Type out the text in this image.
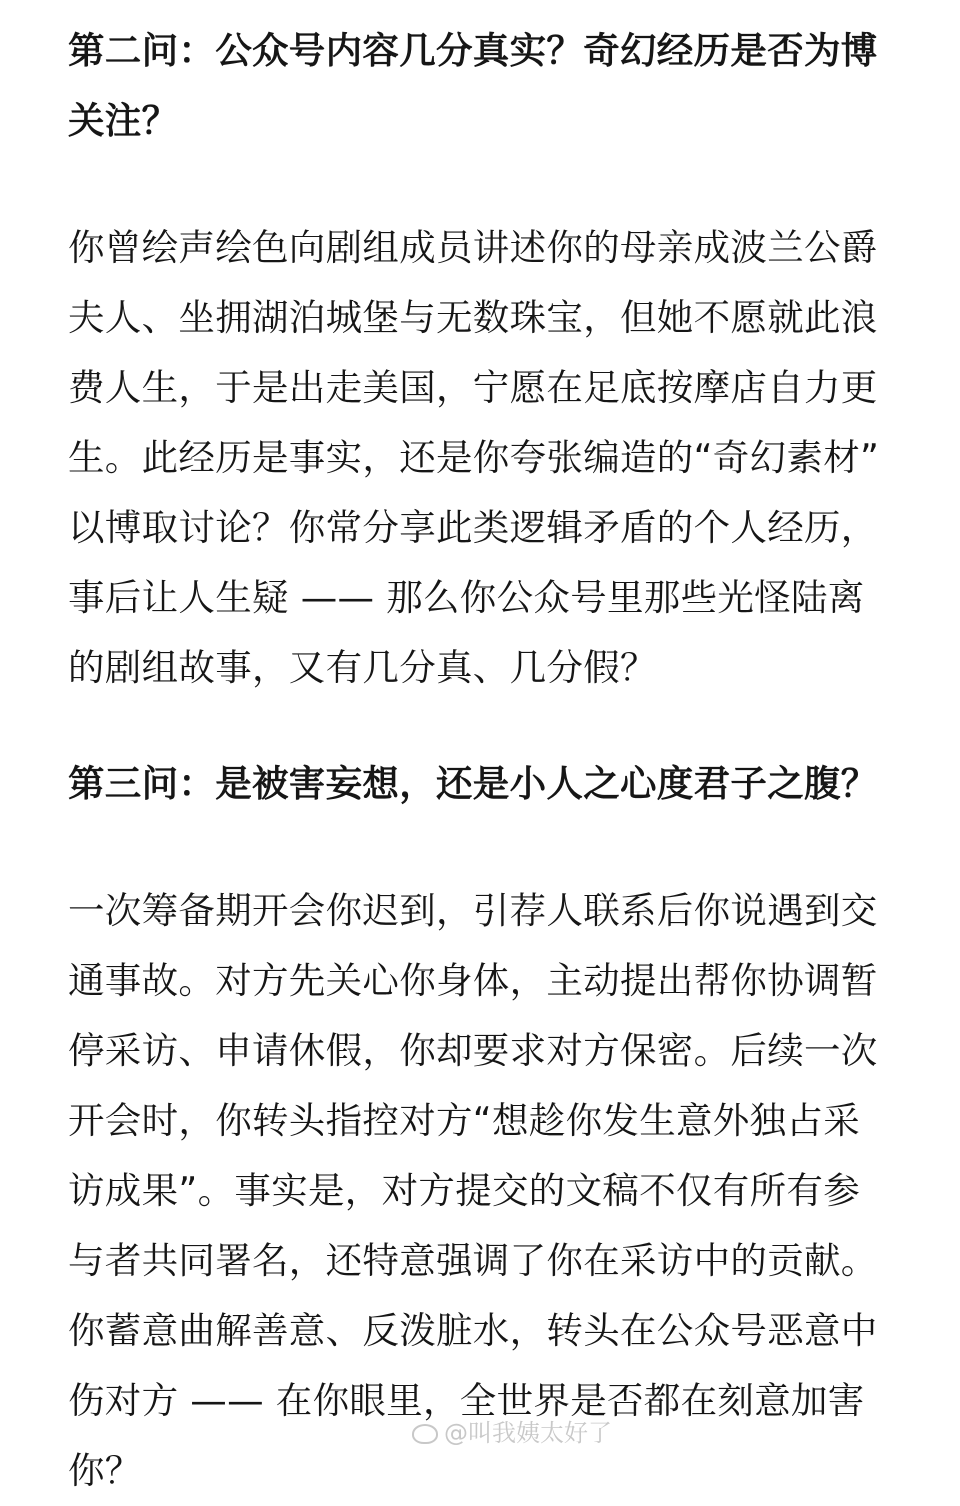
第二问：公众号内容几分真实？奇幻经历是否为博
关注？
你曾绘声绘色向剧组成员讲述你的母亲成波兰公爵
夫人、坐拥湖泊城堡与无数珠宝，但她不愿就此浪
费人生，于是出走美国，宁愿在足底按摩店自力更
生。此经历是事实，还是你夸张编造的“奇幻素材”
以博取讨论？你常分享此类逻辑矛盾的个人经历，
事后让人生疑 —— 那么你公众号里那些光怪陆离
的剧组故事，又有几分真、几分假？
第三问：是被害妄想，还是小人之心度君子之腹？
一次筹备期开会你迟到，引荐人联系后你说遇到交
通事故。对方先关心你身体，主动提出帮你协调暂
停采访、申请休假，你却要求对方保密。后续一次
开会时，你转头指控对方“想趁你发生意外独占采
访成果”。事实是，对方提交的文稿不仅有所有参
与者共同署名，还特意强调了你在采访中的贡献。
你蓄意曲解善意、反泼脏水，转头在公众号恶意中
伤对方 —— 在你眼里，全世界是否都在刻意加害
你？
@叫我姨太好了
